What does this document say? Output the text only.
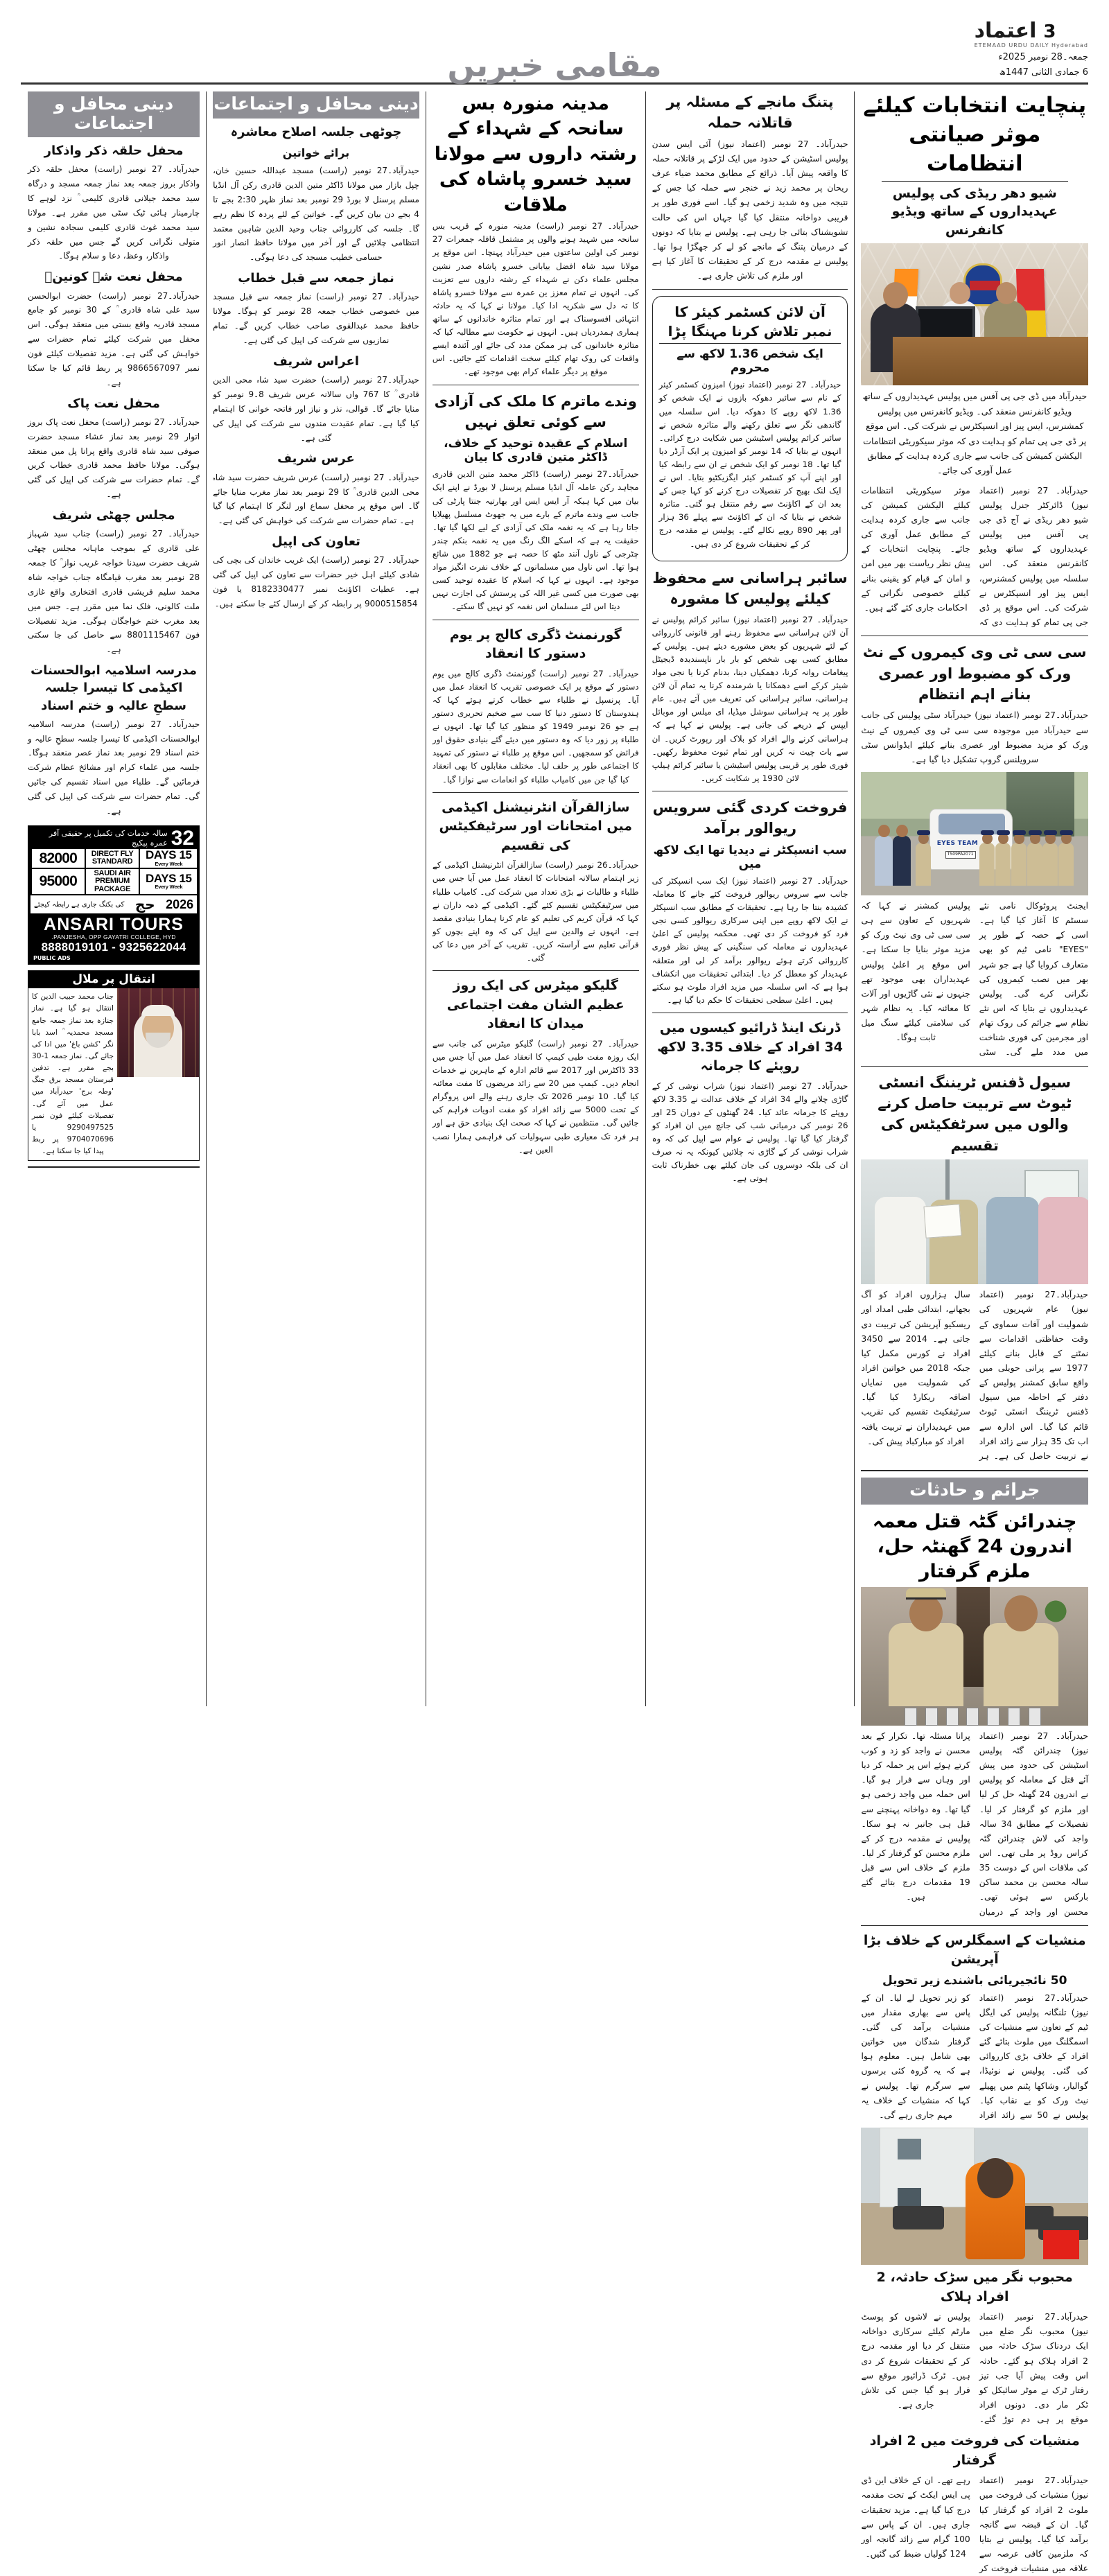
اعتماد 3
ETEMAAD URDU DAILY Hyderabad
جمعہ۔28 نومبر 2025ء
6 جمادی الثانی 1447ھ
مقامی خبریں
پنچایت انتخابات کیلئے موثر صیانتی انتظامات
شیو دھر ریڈی کی پولیس عہدیداروں کے ساتھ ویڈیو کانفرنس
حیدرآباد میں ڈی جی پی آفس میں پولیس عہدیداروں کے ساتھ ویڈیو کانفرنس منعقد کی۔ ویڈیو کانفرنس میں پولیس کمشنرس، ایس پیز اور انسپکٹرس نے شرکت کی۔ اس موقع پر ڈی جی پی تمام کو ہدایت دی کہ موثر سیکوریٹی انتظامات الیکشن کمیشن کی جانب سے جاری کردہ ہدایت کے مطابق عمل آوری کی جائے۔
حیدرآباد۔ 27 نومبر (اعتماد نیوز) ڈائرکٹر جنرل پولیس شیو دھر ریڈی نے آج ڈی جی پی آفس میں پولیس عہدیداروں کے ساتھ ویڈیو کانفرنس منعقد کی۔ اس سلسلہ میں پولیس کمشنرس، ایس پیز اور انسپکٹرس نے شرکت کی۔ اس موقع پر ڈی جی پی تمام کو ہدایت دی کہ موثر سیکوریٹی انتظامات کیلئے الیکشن کمیشن کی جانب سے جاری کردہ ہدایت کے مطابق عمل آوری کی جائے۔ پنچایت انتخابات کے پیش نظر ریاست بھر میں امن و امان کے قیام کو یقینی بنانے کیلئے خصوصی نگرانی کے احکامات جاری کئے گئے ہیں۔
سی سی ٹی وی کیمروں کے نٹ ورک کو مضبوط اور عصری بنانے اہم انتظام
حیدرآباد۔27 نومبر (اعتماد نیوز) حیدرآباد سٹی پولیس کی جانب سے حیدرآباد میں موجودہ سی سی ٹی وی کیمروں کے نیٹ ورک کو مزید مضبوط اور عصری بنانے کیلئے ایڈوانس سٹی سرویلنس گروپ تشکیل دیا گیا ہے۔
EYES TEAM
TS09PA2071
ایجنٹ پروٹوکال نامی نئے سسٹم کا آغاز کیا گیا ہے۔ اسی کے حصہ کے طور پر "EYES" نامی ٹیم کو بھی متعارف کروایا گیا ہے جو شہر بھر میں نصب کیمروں کی نگرانی کرے گی۔ پولیس عہدیداروں نے بتایا کہ اس نئے نظام سے جرائم کی روک تھام اور مجرمین کی فوری شناخت میں مدد ملے گی۔ سٹی پولیس کمشنر نے کہا کہ شہریوں کے تعاون سے ہی سی سی ٹی وی نیٹ ورک کو مزید موثر بنایا جا سکتا ہے۔ اس موقع پر اعلیٰ پولیس عہدیداران بھی موجود تھے جنہوں نے نئی گاڑیوں اور آلات کا معائنہ کیا۔ یہ نظام شہر کی سلامتی کیلئے سنگ میل ثابت ہوگا۔
سیول ڈفنس ٹریننگ انسٹی ٹیوٹ سے تربیت حاصل کرنے والوں میں سرٹفکیٹس کی تقسیم
حیدرآباد۔27 نومبر (اعتماد نیوز) عام شہریوں کی شمولیت اور آفات سماوی کے وقت حفاظتی اقدامات سے نمٹنے کے قابل بنانے کیلئے 1977 سے پرانی حویلی میں واقع سابق کمشنر پولیس کے دفتر کے احاطہ میں سیول ڈفنس ٹریننگ انسٹی ٹیوٹ قائم کیا گیا۔ اس ادارہ سے اب تک 35 ہزار سے زائد افراد نے تربیت حاصل کی ہے۔ ہر سال ہزاروں افراد کو آگ بجھانے، ابتدائی طبی امداد اور ریسکیو آپریشن کی تربیت دی جاتی ہے۔ 2014 سے 3450 افراد نے کورس مکمل کیا جبکہ 2018 میں خواتین افراد کی شمولیت میں نمایاں اضافہ ریکارڈ کیا گیا۔ سرٹیفکیٹ تقسیم کی تقریب میں عہدیداران نے تربیت یافتہ افراد کو مبارکباد پیش کی۔
جرائم و حادثات
چندرائن گٹہ قتل معمہ اندرون 24 گھنٹہ حل، ملزم گرفتار
حیدرآباد۔ 27 نومبر (اعتماد نیوز) چندرائن گٹہ پولیس اسٹیشن کی حدود میں پیش آئے قتل کے معاملہ کو پولیس نے اندرون 24 گھنٹہ حل کر لیا اور ملزم کو گرفتار کر لیا۔ تفصیلات کے مطابق 34 سالہ واجد کی لاش چندرائن گٹہ کراس روڈ پر ملی تھی۔ اس کی ملاقات اس کے دوست 35 سالہ محسن بن محمد ساکن بارکس سے ہوئی تھی۔ محسن اور واجد کے درمیان پرانا مسئلہ تھا۔ تکرار کے بعد محسن نے واجد کو زد و کوب کرتے ہوئے اس پر حملہ کر دیا اور وہاں سے فرار ہو گیا۔ اس حملہ میں واجد زخمی ہو گیا تھا۔ وہ دواخانہ پہنچنے سے قبل ہی جانبر نہ ہو سکا۔ پولیس نے مقدمہ درج کر کے ملزم محسن کو گرفتار کر لیا۔ ملزم کے خلاف اس سے قبل 19 مقدمات درج بتائے گئے ہیں۔
منشیات کے اسمگلرس کے خلاف بڑا آپریشن
50 نائجیریائی باشندے زیر تحویل
حیدرآباد۔27 نومبر (اعتماد نیوز) تلنگانہ پولیس کی ایگل ٹیم کے تعاون سے منشیات کی اسمگلنگ میں ملوث بتائے گئے افراد کے خلاف بڑی کارروائی کی گئی۔ پولیس نے نوئیڈا، گوالیار، وشاکھا پٹنم میں پھیلے نیٹ ورک کو بے نقاب کیا۔ پولیس نے 50 سے زائد افراد کو زیر تحویل لے لیا۔ ان کے پاس سے بھاری مقدار میں منشیات برآمد کی گئی۔ گرفتار شدگان میں خواتین بھی شامل ہیں۔ معلوم ہوا ہے کہ یہ گروہ کئی برسوں سے سرگرم تھا۔ پولیس نے کہا کہ منشیات کے خلاف یہ مہم جاری رہے گی۔
محبوب نگر میں سڑک حادثہ، 2 افراد ہلاک
حیدرآباد۔27 نومبر (اعتماد نیوز) محبوب نگر ضلع میں ایک دردناک سڑک حادثہ میں 2 افراد ہلاک ہو گئے۔ حادثہ اس وقت پیش آیا جب تیز رفتار ٹرک نے موٹر سائیکل کو ٹکر مار دی۔ دونوں افراد موقع پر ہی دم توڑ گئے۔ پولیس نے لاشوں کو پوسٹ مارٹم کیلئے سرکاری دواخانہ منتقل کر دیا اور مقدمہ درج کر کے تحقیقات شروع کر دی ہیں۔ ٹرک ڈرائیور موقع سے فرار ہو گیا جس کی تلاش جاری ہے۔
منشیات کی فروخت میں 2 افراد گرفتار
حیدرآباد۔27 نومبر (اعتماد نیوز) منشیات کی فروخت میں ملوث 2 افراد کو گرفتار کیا گیا۔ ان کے قبضہ سے گانجہ برآمد کیا گیا۔ پولیس نے بتایا کہ ملزمین کافی عرصہ سے علاقہ میں منشیات فروخت کر رہے تھے۔ ان کے خلاف این ڈی پی ایس ایکٹ کے تحت مقدمہ درج کیا گیا ہے۔ مزید تحقیقات جاری ہیں۔ ان کے پاس سے 100 گرام سے زائد گانجہ اور 124 گولیاں ضبط کی گئیں۔
پتنگ مانجے کے مسئلہ پر قاتلانہ حملہ
حیدرآباد۔ 27 نومبر (اعتماد نیوز) آئی ایس سدن پولیس اسٹیشن کے حدود میں ایک لڑکے پر قاتلانہ حملہ کا واقعہ پیش آیا۔ ذرائع کے مطابق محمد ضیاء عرف ریحان پر محمد زید نے خنجر سے حملہ کیا جس کے نتیجہ میں وہ شدید زخمی ہو گیا۔ اسے فوری طور پر قریبی دواخانہ منتقل کیا گیا جہاں اس کی حالت تشویشناک بتائی جا رہی ہے۔ پولیس نے بتایا کہ دونوں کے درمیان پتنگ کے مانجے کو لے کر جھگڑا ہوا تھا۔ پولیس نے مقدمہ درج کر کے تحقیقات کا آغاز کیا ہے اور ملزم کی تلاش جاری ہے۔
آن لائن کسٹمر کیئر کا نمبر تلاش کرنا مہنگا پڑا
ایک شخص 1.36 لاکھ سے محروم
حیدرآباد۔ 27 نومبر (اعتماد نیوز) امیزون کسٹمر کیئر کے نام سے سائبر دھوکہ بازوں نے ایک شخص کو 1.36 لاکھ روپے کا دھوکہ دیا۔ اس سلسلہ میں گاندھی نگر سے تعلق رکھنے والے متاثرہ شخص نے سائبر کرائم پولیس اسٹیشن میں شکایت درج کرائی۔ انہوں نے بتایا کہ 14 نومبر کو امیزون پر ایک آرڈر دیا گیا تھا۔ 18 نومبر کو ایک شخص نے ان سے رابطہ کیا اور اپنے آپ کو کسٹمر کیئر ایگزیکٹیو بتایا۔ اس نے ایک لنک بھیج کر تفصیلات درج کرنے کو کہا جس کے بعد ان کے اکاؤنٹ سے رقم منتقل ہو گئی۔ متاثرہ شخص نے بتایا کہ ان کے اکاؤنٹ سے پہلے 36 ہزار اور پھر 890 روپے نکالے گئے۔ پولیس نے مقدمہ درج کر کے تحقیقات شروع کر دی ہیں۔
سائبر ہراسانی سے محفوظ کیلئے پولیس کا مشورہ
حیدرآباد۔ 27 نومبر (اعتماد نیوز) سائبر کرائم پولیس نے آن لائن ہراسانی سے محفوظ رہنے اور قانونی کارروائی کے لئے شہریوں کو بعض مشورے دیئے ہیں۔ پولیس کے مطابق کسی بھی شخص کو بار بار ناپسندیدہ ڈیجیٹل پیغامات روانہ کرنا، دھمکیاں دینا، بدنام کرنا یا نجی مواد شیئر کرکے اسے دھمکانا یا شرمندہ کرنا یہ تمام آن لائن ہراسانی، سائبر ہراسانی کی تعریف میں آتے ہیں۔ عام طور پر یہ ہراسانی سوشل میڈیا، ای میلس اور موبائل ایپس کے ذریعے کی جاتی ہے۔ پولیس نے کہا ہے کہ ہراسانی کرنے والے افراد کو بلاک اور رپورٹ کریں۔ ان سے بات چیت نہ کریں اور تمام ثبوت محفوظ رکھیں۔ فوری طور پر قریبی پولیس اسٹیشن یا سائبر کرائم ہیلپ لائن 1930 پر شکایت کریں۔
فروخت کردی گئی سرویس ریوالور برآمد
سب انسپکٹر نے دیدیا تھا ایک لاکھ میں
حیدرآباد۔ 27 نومبر (اعتماد نیوز) ایک سب انسپکٹر کی جانب سے سروس ریوالور فروخت کئے جانے کا معاملہ کشیدہ بنتا جا رہا ہے۔ تحقیقات کے مطابق سب انسپکٹر نے ایک لاکھ روپے میں اپنی سرکاری ریوالور کسی نجی فرد کو فروخت کر دی تھی۔ محکمہ پولیس کے اعلیٰ عہدیداروں نے معاملہ کی سنگینی کے پیش نظر فوری کارروائی کرتے ہوئے ریوالور برآمد کر لی اور متعلقہ عہدیدار کو معطل کر دیا۔ ابتدائی تحقیقات میں انکشاف ہوا ہے کہ اس سلسلہ میں مزید افراد ملوث ہو سکتے ہیں۔ اعلیٰ سطحی تحقیقات کا حکم دیا گیا ہے۔
ڈرنک اینڈ ڈرائیو کیسوں میں 34 افراد کے خلاف 3.35 لاکھ روپئے کا جرمانہ
حیدرآباد۔ 27 نومبر (اعتماد نیوز) شراب نوشی کر کے گاڑی چلانے والے 34 افراد کے خلاف عدالت نے 3.35 لاکھ روپئے کا جرمانہ عائد کیا۔ 24 گھنٹوں کے دوران 25 اور 26 نومبر کی درمیانی شب کی جانچ میں ان افراد کو گرفتار کیا گیا تھا۔ پولیس نے عوام سے اپیل کی کہ وہ شراب نوشی کر کے گاڑی نہ چلائیں کیونکہ یہ نہ صرف ان کی بلکہ دوسروں کی جان کیلئے بھی خطرناک ثابت ہوتی ہے۔
مدینہ منورہ بس سانحہ کے شہداء کے رشتہ داروں سے مولانا سید خسرو پاشاہ کی ملاقات
حیدرآباد۔ 27 نومبر (راست) مدینہ منورہ کے قریب بس سانحہ میں شہید ہونے والوں پر مشتمل قافلہ جمعرات 27 نومبر کی اولین ساعتوں میں حیدرآباد پہنچا۔ اس موقع پر مولانا سید شاہ افضل بیابانی خسرو پاشاہ صدر نشین مجلس علماء دکن نے شہداء کے رشتہ داروں سے تعزیت کی۔ انہوں نے تمام معزز ین عمرہ سے مولانا خسرو پاشاہ کا تہ دل سے شکریہ ادا کیا۔ مولانا نے کہا کہ یہ حادثہ انتہائی افسوسناک ہے اور تمام متاثرہ خاندانوں کے ساتھ ہماری ہمدردیاں ہیں۔ انہوں نے حکومت سے مطالبہ کیا کہ متاثرہ خاندانوں کی ہر ممکن مدد کی جائے اور آئندہ ایسے واقعات کی روک تھام کیلئے سخت اقدامات کئے جائیں۔ اس موقع پر دیگر علماء کرام بھی موجود تھے۔
وندے ماترم کا ملک کی آزادی سے کوئی تعلق نہیں
اسلام کے عقیدہ توحید کے خلاف، ڈاکٹر متین قادری کا بیان
حیدرآباد۔27 نومبر (راست) ڈاکٹر محمد متین الدین قادری مجاہد رکن عاملہ آل انڈیا مسلم پرسنل لا بورڈ نے اپنے ایک بیان میں کہا ہیکہ آر ایس ایس اور بھارتیہ جنتا پارٹی کی جانب سے وندے ماترم کے بارے میں یہ جھوٹ مسلسل پھیلایا جاتا رہا ہے کہ یہ نغمہ ملک کی آزادی کے لیے لکھا گیا تھا۔ حقیقت یہ ہے کہ اسکے الگ رنگ میں یہ نغمہ بنکم چندر چٹرجی کے ناول آنند مٹھ کا حصہ ہے جو 1882 میں شائع ہوا تھا۔ اس ناول میں مسلمانوں کے خلاف نفرت انگیز مواد موجود ہے۔ انہوں نے کہا کہ اسلام کا عقیدہ توحید کسی بھی صورت میں کسی غیر اللہ کی پرستش کی اجازت نہیں دیتا اس لئے مسلمان اس نغمہ کو نہیں گا سکتے۔
گورنمنٹ ڈگری کالج پر یوم دستور کا انعقاد
حیدرآباد۔ 27 نومبر (راست) گورنمنٹ ڈگری کالج میں یوم دستور کے موقع پر ایک خصوصی تقریب کا انعقاد عمل میں آیا۔ پرنسپل نے طلباء سے خطاب کرتے ہوئے کہا کہ ہندوستان کا دستور دنیا کا سب سے ضخیم تحریری دستور ہے جو 26 نومبر 1949 کو منظور کیا گیا تھا۔ انہوں نے طلباء پر زور دیا کہ وہ دستور میں دیئے گئے بنیادی حقوق اور فرائض کو سمجھیں۔ اس موقع پر طلباء نے دستور کی تمہید کا اجتماعی طور پر حلف لیا۔ مختلف مقابلوں کا بھی انعقاد کیا گیا جن میں کامیاب طلباء کو انعامات سے نوازا گیا۔
سازالقرآن انٹرنیشنل اکیڈمی میں امتحانات اور سرٹیفکیٹس کی تقسیم
حیدرآباد۔26 نومبر (راست) سازالقرآن انٹرنیشنل اکیڈمی کے زیر اہتمام سالانہ امتحانات کا انعقاد عمل میں آیا جس میں طلباء و طالبات نے بڑی تعداد میں شرکت کی۔ کامیاب طلباء میں سرٹیفکیٹس تقسیم کئے گئے۔ اکیڈمی کے ذمہ داران نے کہا کہ قرآن کریم کی تعلیم کو عام کرنا ہمارا بنیادی مقصد ہے۔ انہوں نے والدین سے اپیل کی کہ وہ اپنے بچوں کو قرآنی تعلیم سے آراستہ کریں۔ تقریب کے آخر میں دعا کی گئی۔
گلیکو میٹرس کی ایک روز عظیم الشان مفت اجتماعی میدان کا انعقاد
حیدرآباد۔ 27 نومبر (راست) گلیکو میٹرس کی جانب سے ایک روزہ مفت طبی کیمپ کا انعقاد عمل میں آیا جس میں 33 ڈاکٹرس اور 2017 سے قائم ادارہ کے ماہرین نے خدمات انجام دیں۔ کیمپ میں 20 سے زائد مریضوں کا مفت معائنہ کیا گیا۔ 10 نومبر 2026 تک جاری رہنے والے اس پروگرام کے تحت 5000 سے زائد افراد کو مفت ادویات فراہم کی جائیں گی۔ منتظمین نے کہا کہ صحت ایک بنیادی حق ہے اور ہر فرد تک معیاری طبی سہولیات کی فراہمی ہمارا نصب العین ہے۔
دینی محافل و اجتماعات
چوٹھی جلسہ اصلاح معاشرہ
برائے خواتین
حیدرآباد۔27 نومبر (راست) مسجد عبداللہ حسین خان، چپل بازار میں مولانا ڈاکٹر متین الدین قادری رکن آل انڈیا مسلم پرسنل لا بورڈ 29 نومبر بعد نماز ظہر 2:30 بجے تا 4 بجے دن بیان کریں گے۔ خواتین کے لئے پردہ کا نظم رہے گا۔ جلسہ کی کارروائی جناب وحید الدین شاہین معتمد انتظامی چلائیں گے اور آخر میں مولانا حافظ انصار انور حسامی خطیب مسجد کی دعا ہوگی۔
نماز جمعہ سے قبل خطاب
حیدرآباد۔ 27 نومبر (راست) نماز جمعہ سے قبل مسجد میں خصوصی خطاب جمعہ 28 نومبر کو ہوگا۔ مولانا حافظ محمد عبدالقوی صاحب خطاب کریں گے۔ تمام نمازیوں سے شرکت کی اپیل کی گئی ہے۔
اعراس شریف
حیدرآباد۔27 نومبر (راست) حضرت سید شاہ محی الدین قادری ؒ کا 767 واں سالانہ عرس شریف 8۔9 نومبر کو منایا جائے گا۔ قوالی، نذر و نیاز اور فاتحہ خوانی کا اہتمام کیا گیا ہے۔ تمام عقیدت مندوں سے شرکت کی اپیل کی گئی ہے۔
عرس شریف
حیدرآباد۔ 27 نومبر (راست) عرس شریف حضرت سید شاہ محی الدین قادری ؒ کا 29 نومبر بعد نماز مغرب منایا جائے گا۔ اس موقع پر محفل سماع اور لنگر کا اہتمام کیا گیا ہے۔ تمام حضرات سے شرکت کی خواہش کی گئی ہے۔
تعاون کی اپیل
حیدرآباد۔ 27 نومبر (راست) ایک غریب خاندان کی بچی کی شادی کیلئے اہل خیر حضرات سے تعاون کی اپیل کی گئی ہے۔ عطیات اکاؤنٹ نمبر 8182330477 یا فون 9000515854 پر رابطہ کر کے ارسال کئے جا سکتے ہیں۔
دینی محافل و اجتماعات
محفل حلقہ ذکر واذکار
حیدرآباد۔ 27 نومبر (راست) محفل حلقہ ذکر واذکار بروز جمعہ بعد نماز جمعہ مسجد و درگاہ سید محمد جیلانی قادری کلیمی ؒ نزد لوہے کا چارمینار ہائی ٹیک سٹی میں مقرر ہے۔ مولانا سید محمد غوث قادری کلیمی سجادہ نشین و متولی نگرانی کریں گے جس میں حلقہ ذکر واذکار، وعظ، دعا و سلام ہوگا۔
محفل نعت شہ کونینؐ
حیدرآباد۔27 نومبر (راست) حضرت ابوالحسن سید علی شاہ قادری ؒ کے 30 نومبر کو جامع مسجد قادریہ واقع بستی میں منعقد ہوگی۔ اس محفل میں شرکت کیلئے تمام حضرات سے خواہش کی گئی ہے۔ مزید تفصیلات کیلئے فون نمبر 9866567097 پر ربط قائم کیا جا سکتا ہے۔
محفل نعت پاک
حیدرآباد۔ 27 نومبر (راست) محفل نعت پاک بروز اتوار 29 نومبر بعد نماز عشاء مسجد حضرت صوفی سید شاہ قادری واقع پرانا پل میں منعقد ہوگی۔ مولانا حافظ محمد قادری خطاب کریں گے۔ تمام حضرات سے شرکت کی اپیل کی گئی ہے۔
مجلس چھٹی شریف
حیدرآباد۔ 27 نومبر (راست) جناب سید شہباز علی قادری کے بموجب ماہانہ مجلس چھٹی شریف حضرت سیدنا خواجہ غریب نواز ؒ کا جمعہ 28 نومبر بعد مغرب قیامگاہ جناب خواجہ شاہ محمد سلیم قریشی قادری افتخاری واقع غازی ملت کالونی، فلک نما میں مقرر ہے۔ جس میں بعد مغرب ختم خواجگان ہوگی۔ مزید تفصیلات فون 8801115467 سے حاصل کی جا سکتی ہے۔
مدرسہ اسلامیہ ابوالحسنات اکیڈمی کا تیسرا جلسہ سطحِ عالیہ و ختم اسناد
حیدرآباد۔ 27 نومبر (راست) مدرسہ اسلامیہ ابوالحسنات اکیڈمی کا تیسرا جلسہ سطحِ عالیہ و ختم اسناد 29 نومبر بعد نماز عصر منعقد ہوگا۔ جلسہ میں علماء کرام اور مشائخ عظام شرکت فرمائیں گے۔ طلباء میں اسناد تقسیم کی جائیں گی۔ تمام حضرات سے شرکت کی اپیل کی گئی ہے۔
32
سالہ خدمات کی تکمیل پر حقیقی آفر عمرہ پیکیج
15 DAYS
Every Week
DIRECT FLY
STANDARD
82000
15 DAYS
Every Week
SAUDI AIR
PREMIUM PACKAGE
95000
2026
حج
کی بکنگ جاری ہے رابطہ کیجئے
ANSARI TOURS
PANJESHA, OPP GAYATRI COLLEGE, HYD.
9325622044 - 8888019101
PUBLIC ADS
انتقال پر ملال
جناب محمد حبیب الدین کا انتقال ہو گیا ہے۔ نماز جنازہ بعد نماز جمعہ جامع مسجد محمدیہ ؒ اسد بابا نگر 'کشن باغ' میں ادا کی جائے گی۔ نماز جمعہ 1-30 بجے مقرر ہے۔ تدفین قبرستان مسجد برق جنگ 'وطہ برج' حیدرآباد میں عمل میں آئے گی۔ تفصیلات کیلئے فون نمبر 9290497525 یا 9704070696 پر ربط پیدا کیا جا سکتا ہے۔
